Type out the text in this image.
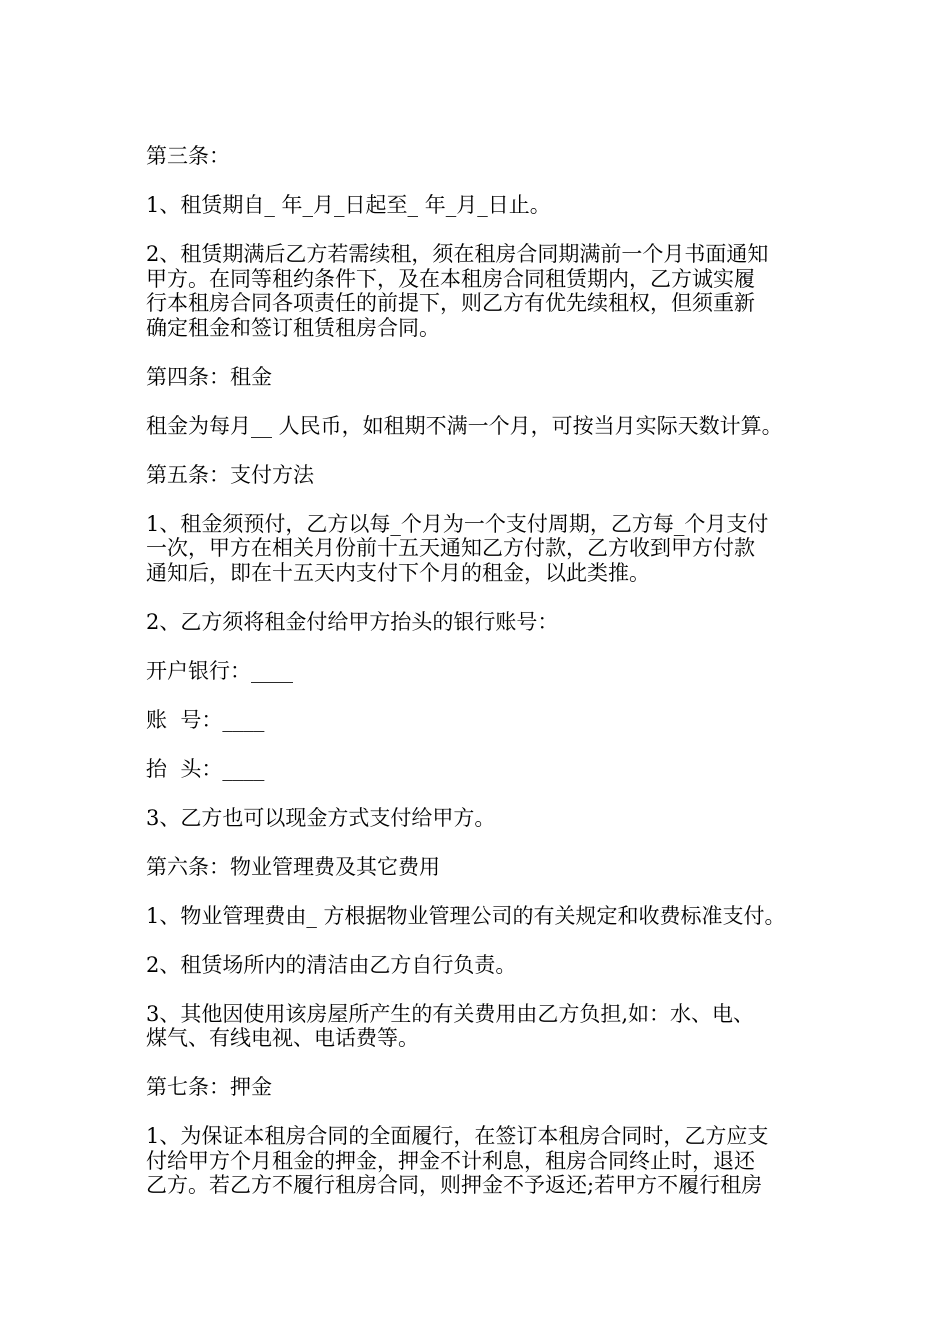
第三条：

1、租赁期自_ 年_月_日起至_ 年_月_日止。

2、租赁期满后乙方若需续租，须在租房合同期满前一个月书面通知
甲方。在同等租约条件下，及在本租房合同租赁期内，乙方诚实履
行本租房合同各项责任的前提下，则乙方有优先续租权，但须重新
确定租金和签订租赁租房合同。

第四条：租金

租金为每月__ 人民币，如租期不满一个月，可按当月实际天数计算。

第五条：支付方法

1、租金须预付，乙方以每_个月为一个支付周期，乙方每_个月支付
一次，甲方在相关月份前十五天通知乙方付款，乙方收到甲方付款
通知后，即在十五天内支付下个月的租金，以此类推。

2、乙方须将租金付给甲方抬头的银行账号：

开户银行：____

账  号：____

抬  头：____

3、乙方也可以现金方式支付给甲方。

第六条：物业管理费及其它费用

1、物业管理费由_ 方根据物业管理公司的有关规定和收费标准支付。

2、租赁场所内的清洁由乙方自行负责。

3、其他因使用该房屋所产生的有关费用由乙方负担,如：水、电、
煤气、有线电视、电话费等。

第七条：押金

1、为保证本租房合同的全面履行，在签订本租房合同时，乙方应支
付给甲方个月租金的押金，押金不计利息，租房合同终止时，退还
乙方。若乙方不履行租房合同，则押金不予返还;若甲方不履行租房
